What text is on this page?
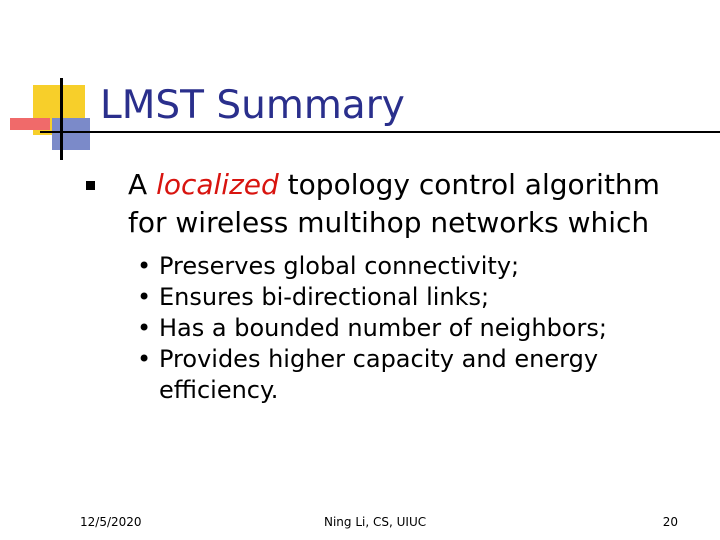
LMST Summary
A localized topology control algorithm for wireless multihop networks which
• Preserves global connectivity;
• Ensures bi-directional links;
• Has a bounded number of neighbors;
• Provides higher capacity and energy efficiency.
12/5/2020	Ning Li, CS, UIUC	20
